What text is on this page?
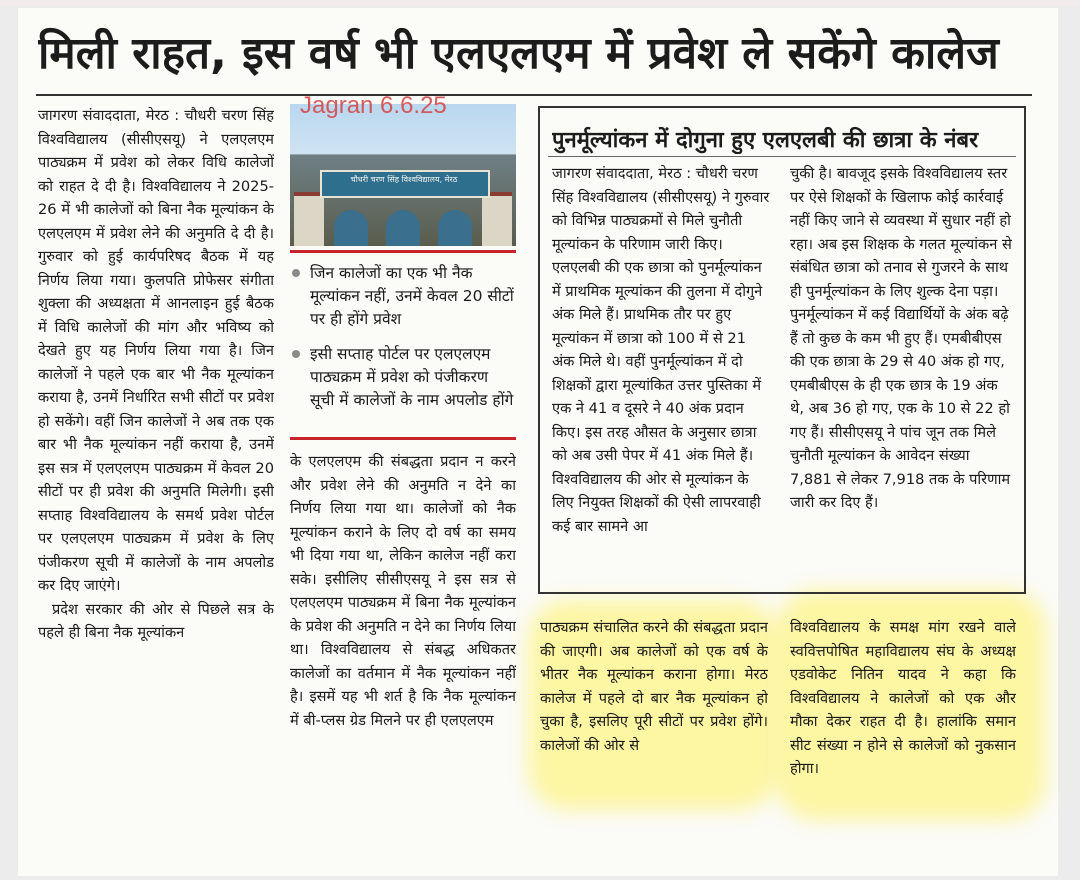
मिली राहत, इस वर्ष भी एलएलएम में प्रवेश ले सकेंगे कालेज

जागरण संवाददाता, मेरठ : चौधरी चरण सिंह विश्वविद्यालय (सीसीएसयू) ने एलएलएम पाठ्यक्रम में प्रवेश को लेकर विधि कालेजों को राहत दे दी है। विश्वविद्यालय ने 2025-26 में भी कालेजों को बिना नैक मूल्यांकन के एलएलएम में प्रवेश लेने की अनुमति दे दी है। गुरुवार को हुई कार्यपरिषद बैठक में यह निर्णय लिया गया। कुलपति प्रोफेसर संगीता शुक्ला की अध्यक्षता में आनलाइन हुई बैठक में विधि कालेजों की मांग और भविष्य को देखते हुए यह निर्णय लिया गया है। जिन कालेजों ने पहले एक बार भी नैक मूल्यांकन कराया है, उनमें निर्धारित सभी सीटों पर प्रवेश हो सकेंगे। वहीं जिन कालेजों ने अब तक एक बार भी नैक मूल्यांकन नहीं कराया है, उनमें इस सत्र में एलएलएम पाठ्यक्रम में केवल 20 सीटों पर ही प्रवेश की अनुमति मिलेगी। इसी सप्ताह विश्वविद्यालय के समर्थ प्रवेश पोर्टल पर एलएलएम पाठ्यक्रम में प्रवेश के लिए पंजीकरण सूची में कालेजों के नाम अपलोड कर दिए जाएंगे।

प्रदेश सरकार की ओर से पिछले सत्र के पहले ही बिना नैक मूल्यांकन

चौधरी चरण सिंह विश्वविद्यालय, मेरठ
Jagran 6.6.25
जिन कालेजों का एक भी नैक मूल्यांकन नहीं, उनमें केवल 20 सीटों पर ही होंगे प्रवेश
इसी सप्ताह पोर्टल पर एलएलएम पाठ्यक्रम में प्रवेश को पंजीकरण सूची में कालेजों के नाम अपलोड होंगे

के एलएलएम की संबद्धता प्रदान न करने और प्रवेश लेने की अनुमति न देने का निर्णय लिया गया था। कालेजों को नैक मूल्यांकन कराने के लिए दो वर्ष का समय भी दिया गया था, लेकिन कालेज नहीं करा सके। इसीलिए सीसीएसयू ने इस सत्र से एलएलएम पाठ्यक्रम में बिना नैक मूल्यांकन के प्रवेश की अनुमति न देने का निर्णय लिया था। विश्वविद्यालय से संबद्ध अधिकतर कालेजों का वर्तमान में नैक मूल्यांकन नहीं है। इसमें यह भी शर्त है कि नैक मूल्यांकन में बी-प्लस ग्रेड मिलने पर ही एलएलएम

पुनर्मूल्यांकन में दोगुना हुए एलएलबी की छात्रा के नंबर

जागरण संवाददाता, मेरठ : चौधरी चरण सिंह विश्वविद्यालय (सीसीएसयू) ने गुरुवार को विभिन्न पाठ्यक्रमों से मिले चुनौती मूल्यांकन के परिणाम जारी किए। एलएलबी की एक छात्रा को पुनर्मूल्यांकन में प्राथमिक मूल्यांकन की तुलना में दोगुने अंक मिले हैं। प्राथमिक तौर पर हुए मूल्यांकन में छात्रा को 100 में से 21 अंक मिले थे। वहीं पुनर्मूल्यांकन में दो शिक्षकों द्वारा मूल्यांकित उत्तर पुस्तिका में एक ने 41 व दूसरे ने 40 अंक प्रदान किए। इस तरह औसत के अनुसार छात्रा को अब उसी पेपर में 41 अंक मिले हैं। विश्वविद्यालय की ओर से मूल्यांकन के लिए नियुक्त शिक्षकों की ऐसी लापरवाही कई बार सामने आ

चुकी है। बावजूद इसके विश्वविद्यालय स्तर पर ऐसे शिक्षकों के खिलाफ कोई कार्रवाई नहीं किए जाने से व्यवस्था में सुधार नहीं हो रहा। अब इस शिक्षक के गलत मूल्यांकन से संबंधित छात्रा को तनाव से गुजरने के साथ ही पुनर्मूल्यांकन के लिए शुल्क देना पड़ा। पुनर्मूल्यांकन में कई विद्यार्थियों के अंक बढ़े हैं तो कुछ के कम भी हुए हैं। एमबीबीएस की एक छात्रा के 29 से 40 अंक हो गए, एमबीबीएस के ही एक छात्र के 19 अंक थे, अब 36 हो गए, एक के 10 से 22 हो गए हैं। सीसीएसयू ने पांच जून तक मिले चुनौती मूल्यांकन के आवेदन संख्या 7,881 से लेकर 7,918 तक के परिणाम जारी कर दिए हैं।

पाठ्यक्रम संचालित करने की संबद्धता प्रदान की जाएगी। अब कालेजों को एक वर्ष के भीतर नैक मूल्यांकन कराना होगा। मेरठ कालेज में पहले दो बार नैक मूल्यांकन हो चुका है, इसलिए पूरी सीटों पर प्रवेश होंगे। कालेजों की ओर से

विश्वविद्यालय के समक्ष मांग रखने वाले स्ववित्तपोषित महाविद्यालय संघ के अध्यक्ष एडवोकेट नितिन यादव ने कहा कि विश्वविद्यालय ने कालेजों को एक और मौका देकर राहत दी है। हालांकि समान सीट संख्या न होने से कालेजों को नुकसान होगा।
